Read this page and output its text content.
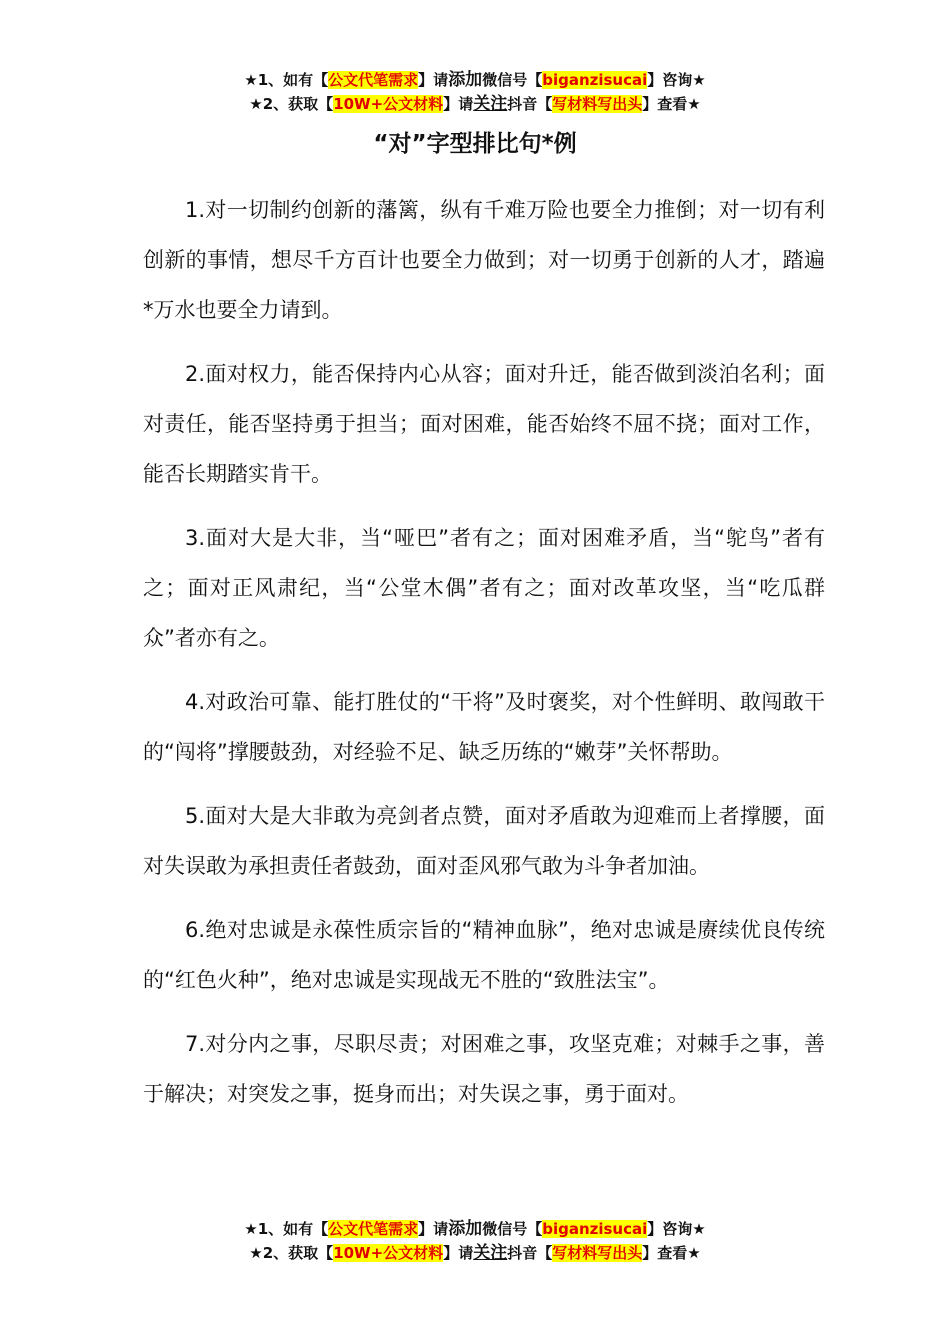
★1、如有【公文代笔需求】请添加微信号【biganzisucai】咨询★
★2、获取【10W+公文材料】请关注抖音【写材料写出头】查看★
“对”字型排比句*例

1.对一切制约创新的藩篱，纵有千难万险也要全力推倒；对一切有利创新的事情，想尽千方百计也要全力做到；对一切勇于创新的人才，踏遍*万水也要全力请到。

2.面对权力，能否保持内心从容；面对升迁，能否做到淡泊名利；面对责任，能否坚持勇于担当；面对困难，能否始终不屈不挠；面对工作，能否长期踏实肯干。

3.面对大是大非，当“哑巴”者有之；面对困难矛盾，当“鸵鸟”者有之；面对正风肃纪，当“公堂木偶”者有之；面对改革攻坚，当“吃瓜群众”者亦有之。

4.对政治可靠、能打胜仗的“干将”及时褒奖，对个性鲜明、敢闯敢干的“闯将”撑腰鼓劲，对经验不足、缺乏历练的“嫩芽”关怀帮助。

5.面对大是大非敢为亮剑者点赞，面对矛盾敢为迎难而上者撑腰，面对失误敢为承担责任者鼓劲，面对歪风邪气敢为斗争者加油。

6.绝对忠诚是永葆性质宗旨的“精神血脉”，绝对忠诚是赓续优良传统的“红色火种”，绝对忠诚是实现战无不胜的“致胜法宝”。

7.对分内之事，尽职尽责；对困难之事，攻坚克难；对棘手之事，善于解决；对突发之事，挺身而出；对失误之事，勇于面对。

★1、如有【公文代笔需求】请添加微信号【biganzisucai】咨询★
★2、获取【10W+公文材料】请关注抖音【写材料写出头】查看★
